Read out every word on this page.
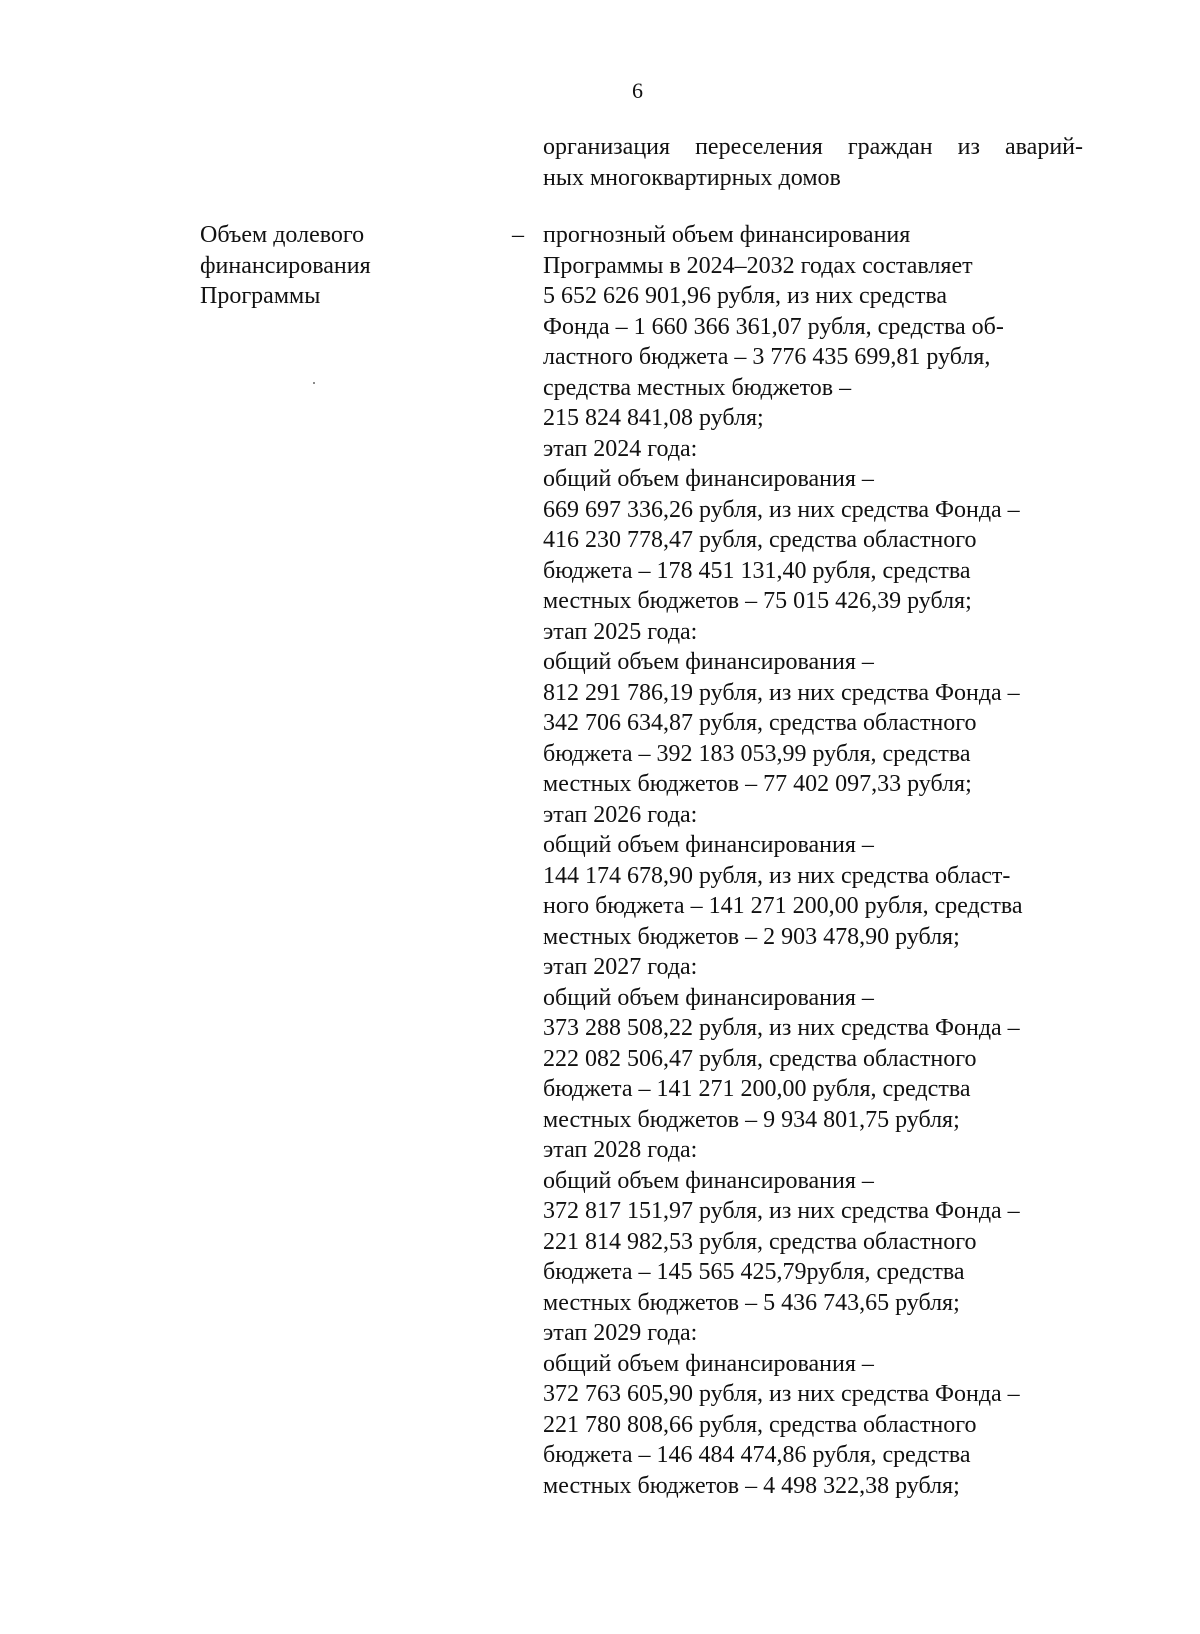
6
организация переселения граждан из аварий-
ных многоквартирных домов
Объем долевого
финансирования
Программы
– прогнозный объем финансирования
Программы в 2024–2032 годах составляет
5 652 626 901,96 рубля, из них средства
Фонда – 1 660 366 361,07 рубля, средства об-
ластного бюджета – 3 776 435 699,81 рубля,
средства местных бюджетов –
215 824 841,08 рубля;
этап 2024 года:
общий объем финансирования –
669 697 336,26 рубля, из них средства Фонда –
416 230 778,47 рубля, средства областного
бюджета – 178 451 131,40 рубля, средства
местных бюджетов – 75 015 426,39 рубля;
этап 2025 года:
общий объем финансирования –
812 291 786,19 рубля, из них средства Фонда –
342 706 634,87 рубля, средства областного
бюджета – 392 183 053,99 рубля, средства
местных бюджетов – 77 402 097,33 рубля;
этап 2026 года:
общий объем финансирования –
144 174 678,90 рубля, из них средства област-
ного бюджета – 141 271 200,00 рубля, средства
местных бюджетов – 2 903 478,90 рубля;
этап 2027 года:
общий объем финансирования –
373 288 508,22 рубля, из них средства Фонда –
222 082 506,47 рубля, средства областного
бюджета – 141 271 200,00 рубля, средства
местных бюджетов – 9 934 801,75 рубля;
этап 2028 года:
общий объем финансирования –
372 817 151,97 рубля, из них средства Фонда –
221 814 982,53 рубля, средства областного
бюджета – 145 565 425,79рубля, средства
местных бюджетов – 5 436 743,65 рубля;
этап 2029 года:
общий объем финансирования –
372 763 605,90 рубля, из них средства Фонда –
221 780 808,66 рубля, средства областного
бюджета – 146 484 474,86 рубля, средства
местных бюджетов – 4 498 322,38 рубля;
